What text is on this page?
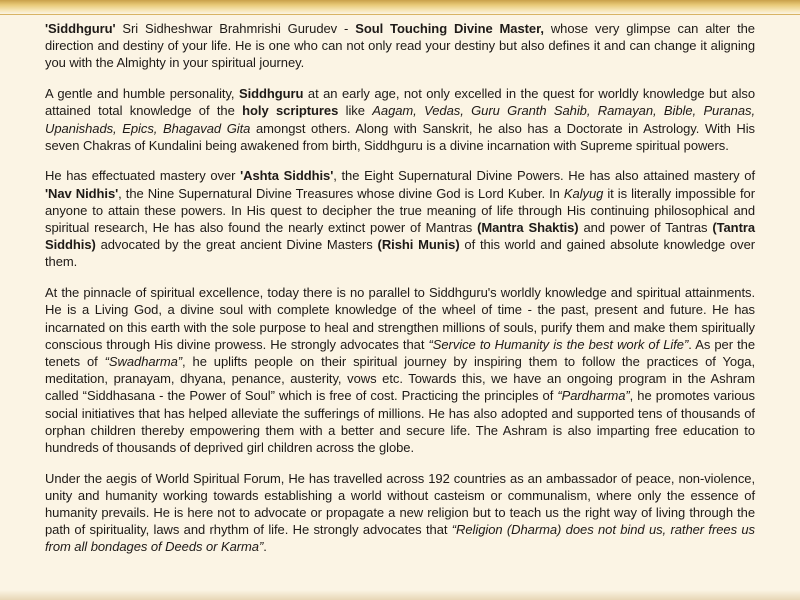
'Siddhguru' Sri Sidheshwar Brahmrishi Gurudev - Soul Touching Divine Master, whose very glimpse can alter the direction and destiny of your life. He is one who can not only read your destiny but also defines it and can change it aligning you with the Almighty in your spiritual journey.

A gentle and humble personality, Siddhguru at an early age, not only excelled in the quest for worldly knowledge but also attained total knowledge of the holy scriptures like Aagam, Vedas, Guru Granth Sahib, Ramayan, Bible, Puranas, Upanishads, Epics, Bhagavad Gita amongst others. Along with Sanskrit, he also has a Doctorate in Astrology. With His seven Chakras of Kundalini being awakened from birth, Siddhguru is a divine incarnation with Supreme spiritual powers.

He has effectuated mastery over 'Ashta Siddhis', the Eight Supernatural Divine Powers. He has also attained mastery of 'Nav Nidhis', the Nine Supernatural Divine Treasures whose divine God is Lord Kuber. In Kalyug it is literally impossible for anyone to attain these powers. In His quest to decipher the true meaning of life through His continuing philosophical and spiritual research, He has also found the nearly extinct power of Mantras (Mantra Shaktis) and power of Tantras (Tantra Siddhis) advocated by the great ancient Divine Masters (Rishi Munis) of this world and gained absolute knowledge over them.

At the pinnacle of spiritual excellence, today there is no parallel to Siddhguru's worldly knowledge and spiritual attainments. He is a Living God, a divine soul with complete knowledge of the wheel of time - the past, present and future. He has incarnated on this earth with the sole purpose to heal and strengthen millions of souls, purify them and make them spiritually conscious through His divine prowess. He strongly advocates that “Service to Humanity is the best work of Life”. As per the tenets of “Swadharma”, he uplifts people on their spiritual journey by inspiring them to follow the practices of Yoga, meditation, pranayam, dhyana, penance, austerity, vows etc. Towards this, we have an ongoing program in the Ashram called “Siddhasana - the Power of Soul” which is free of cost. Practicing the principles of “Pardharma”, he promotes various social initiatives that has helped alleviate the sufferings of millions. He has also adopted and supported tens of thousands of orphan children thereby empowering them with a better and secure life. The Ashram is also imparting free education to hundreds of thousands of deprived girl children across the globe.

Under the aegis of World Spiritual Forum, He has travelled across 192 countries as an ambassador of peace, non-violence, unity and humanity working towards establishing a world without casteism or communalism, where only the essence of humanity prevails. He is here not to advocate or propagate a new religion but to teach us the right way of living through the path of spirituality, laws and rhythm of life. He strongly advocates that “Religion (Dharma) does not bind us, rather frees us from all bondages of Deeds or Karma”.
